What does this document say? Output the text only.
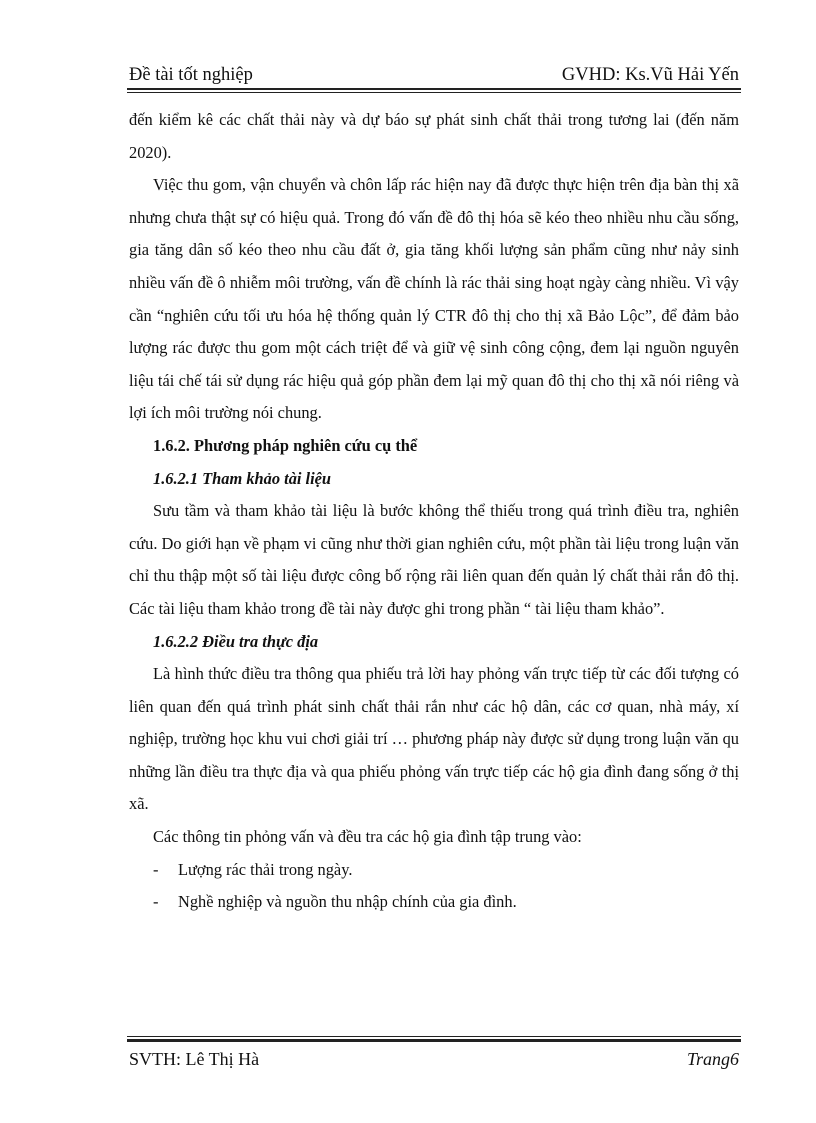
Đề tài tốt nghiệp	GVHD: Ks.Vũ Hải Yến

đến kiểm kê các chất thải này và dự báo sự phát sinh chất thải trong tương lai (đến năm 2020).

Việc thu gom, vận chuyển và chôn lấp rác hiện nay đã được thực hiện trên địa bàn thị xã nhưng chưa thật sự có hiệu quả. Trong đó vấn đề đô thị hóa sẽ kéo theo nhiều nhu cầu sống, gia tăng dân số kéo theo nhu cầu đất ở, gia tăng khối lượng sản phẩm cũng như nảy sinh nhiều vấn đề ô nhiễm môi trường, vấn đề chính là rác thải sing hoạt ngày càng nhiều. Vì vậy cần “nghiên cứu tối ưu hóa hệ thống quản lý CTR đô thị cho thị xã Bảo Lộc”, để đảm bảo lượng rác được thu gom một cách triệt để và giữ vệ sinh công cộng, đem lại nguồn nguyên liệu tái chế tái sử dụng rác hiệu quả góp phần đem lại mỹ quan đô thị cho thị xã nói riêng và lợi ích môi trường nói chung.

1.6.2. Phương pháp nghiên cứu cụ thể

1.6.2.1 Tham khảo tài liệu

Sưu tầm và tham khảo tài liệu là bước không thể thiếu trong quá trình điều tra, nghiên cứu. Do giới hạn về phạm vi cũng như thời gian nghiên cứu, một phần tài liệu trong luận văn chỉ thu thập một số tài liệu được công bố rộng rãi liên quan đến quản lý chất thải rắn đô thị. Các tài liệu tham khảo trong đề tài này được ghi trong phần “ tài liệu tham khảo”.

1.6.2.2 Điều tra thực địa

Là hình thức điều tra thông qua phiếu trả lời hay phỏng vấn trực tiếp từ các đối tượng có liên quan đến quá trình phát sinh chất thải rắn như các hộ dân, các cơ quan, nhà máy, xí nghiệp, trường học khu vui chơi giải trí … phương pháp này được sử dụng trong luận văn qu những lần điều tra thực địa và qua phiếu phỏng vấn trực tiếp các hộ gia đình đang sống ở thị xã.

Các thông tin phỏng vấn và đều tra các hộ gia đình tập trung vào:

-	Lượng rác thải trong ngày.
-	Nghề nghiệp và nguồn thu nhập chính của gia đình.
SVTH: Lê Thị Hà	Trang6
